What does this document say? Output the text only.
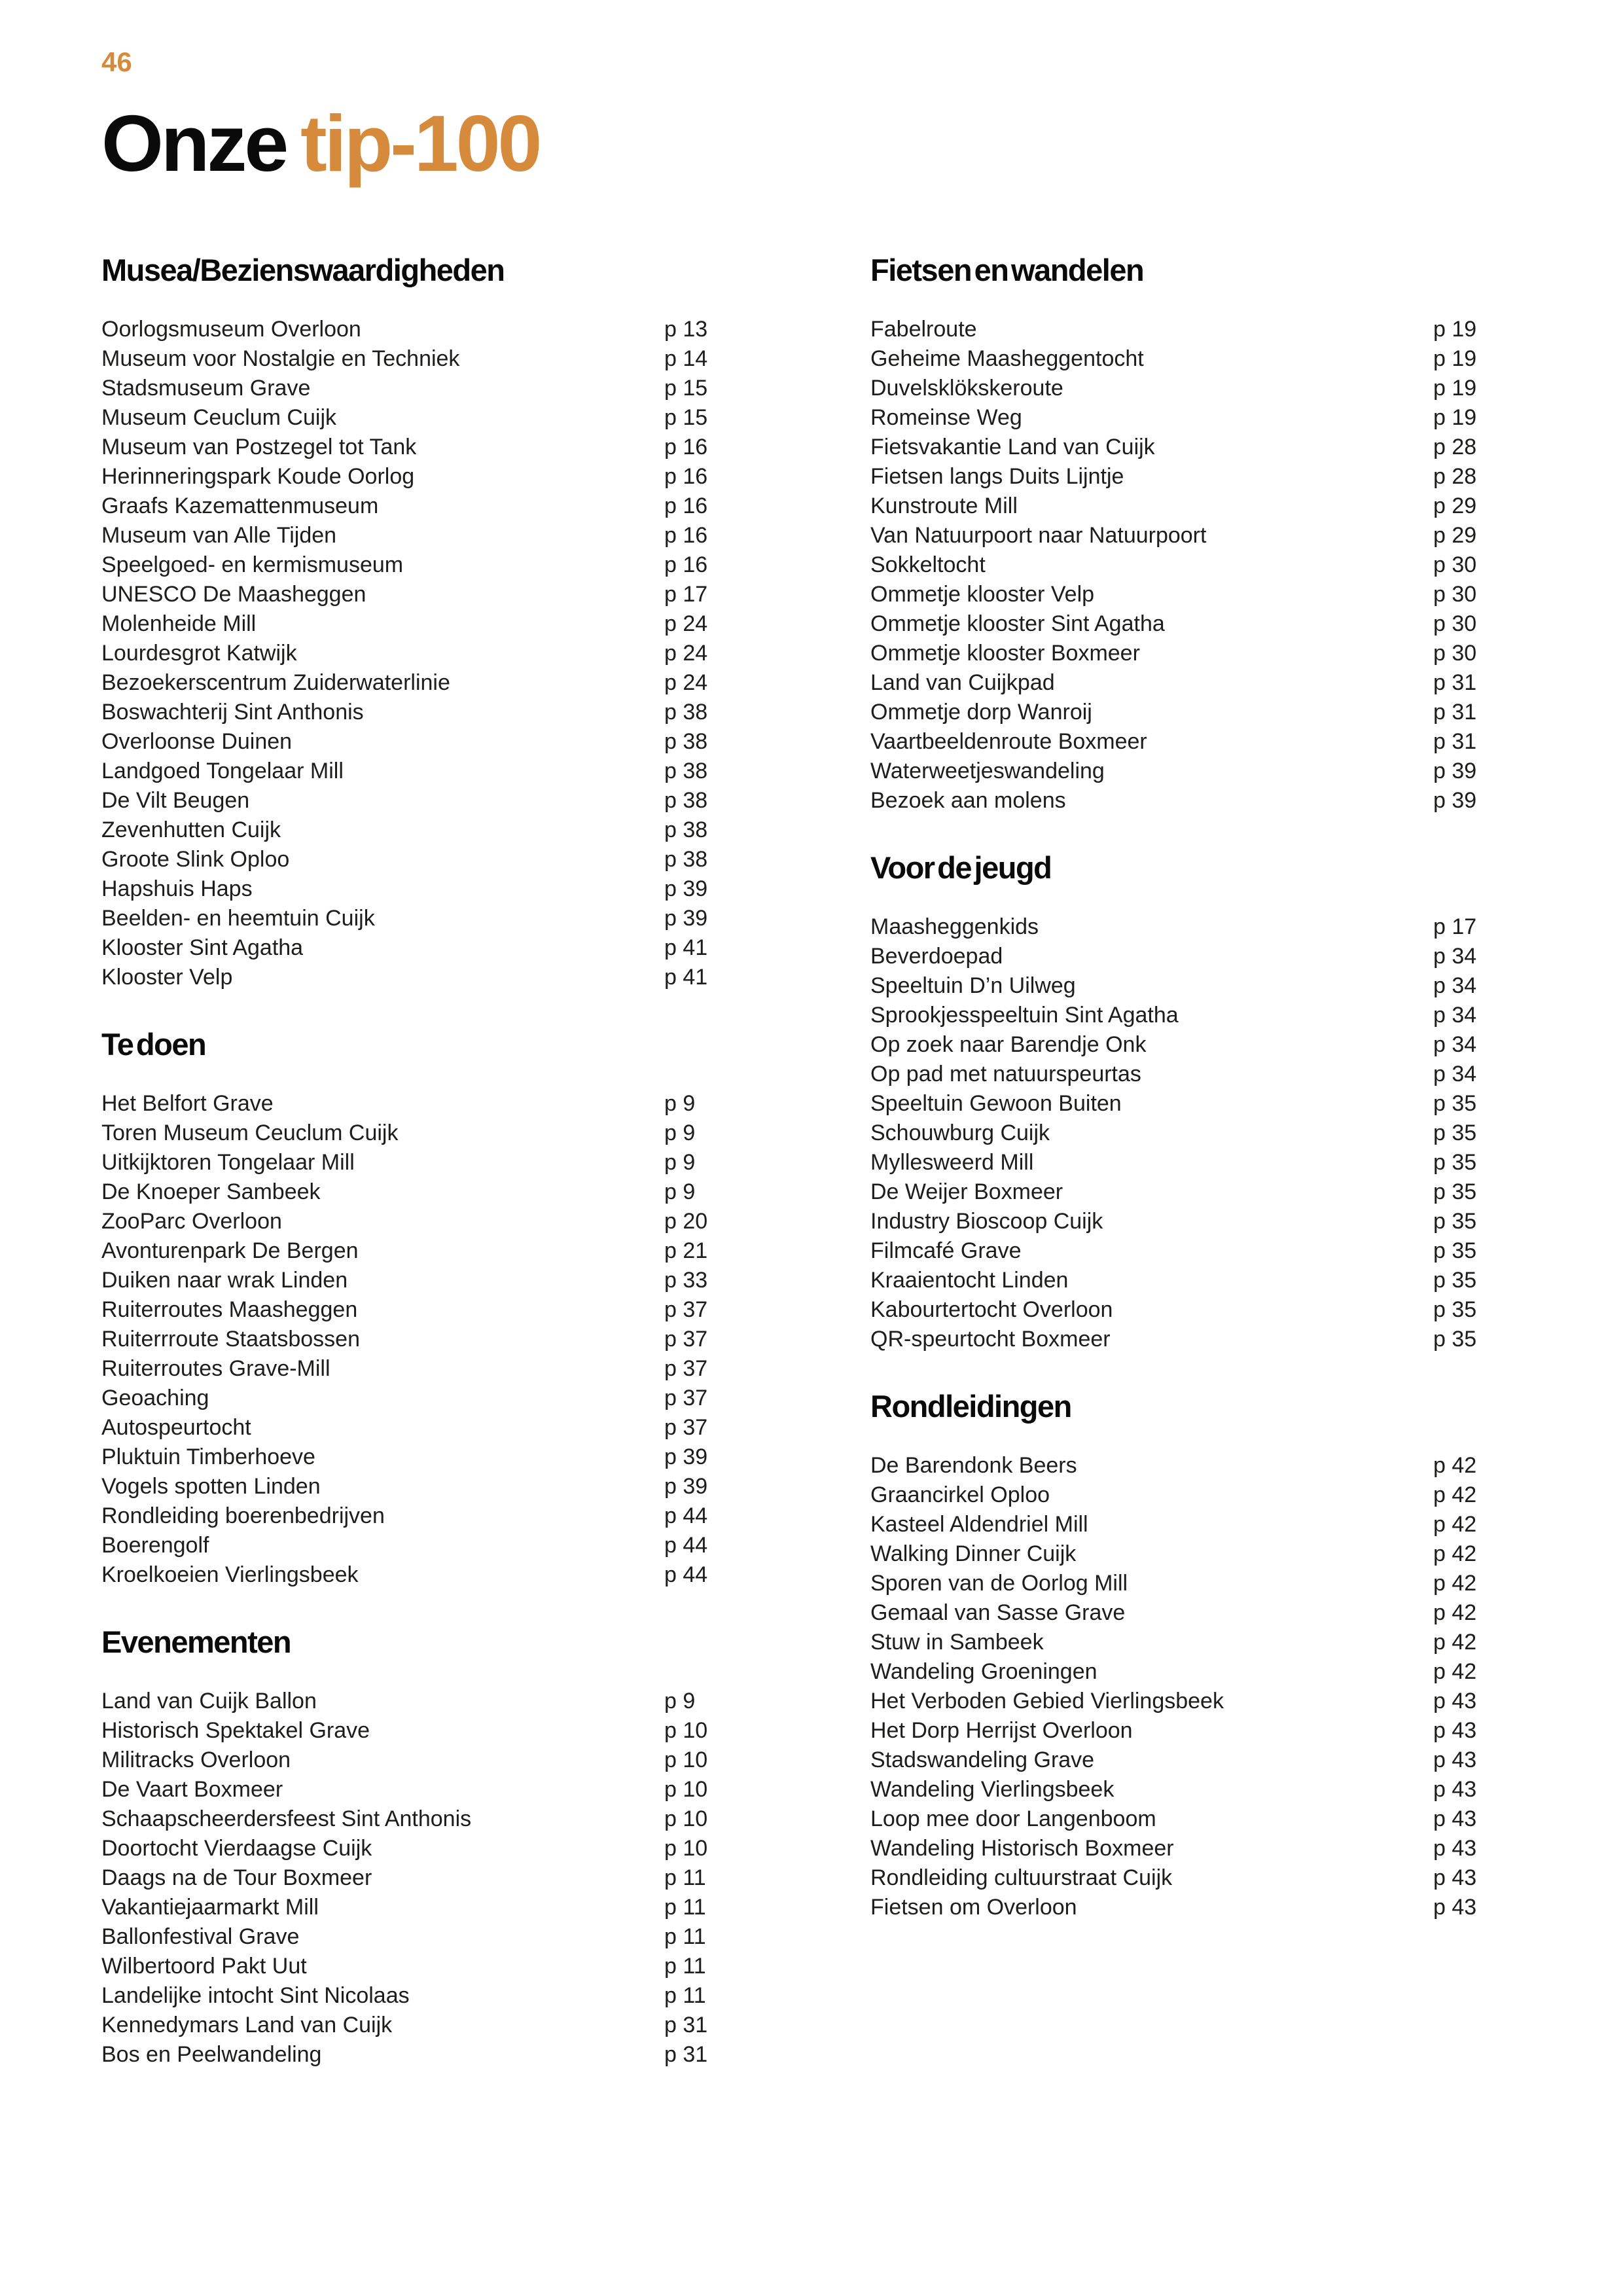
46
Onze tip-100
Musea/Bezienswaardigheden
Oorlogsmuseum Overloon	p 13
Museum voor Nostalgie en Techniek	p 14
Stadsmuseum Grave	p 15
Museum Ceuclum Cuijk	p 15
Museum van Postzegel tot Tank	p 16
Herinneringspark Koude Oorlog	p 16
Graafs Kazemattenmuseum	p 16
Museum van Alle Tijden	p 16
Speelgoed- en kermismuseum	p 16
UNESCO De Maasheggen	p 17
Molenheide Mill	p 24
Lourdesgrot Katwijk	p 24
Bezoekerscentrum Zuiderwaterlinie	p 24
Boswachterij Sint Anthonis	p 38
Overloonse Duinen	p 38
Landgoed Tongelaar Mill	p 38
De Vilt Beugen	p 38
Zevenhutten Cuijk	p 38
Groote Slink Oploo	p 38
Hapshuis Haps	p 39
Beelden- en heemtuin Cuijk	p 39
Klooster Sint Agatha	p 41
Klooster Velp	p 41
Te doen
Het Belfort Grave	p 9
Toren Museum Ceuclum Cuijk	p 9
Uitkijktoren Tongelaar Mill	p 9
De Knoeper Sambeek	p 9
ZooParc Overloon	p 20
Avonturenpark De Bergen	p 21
Duiken naar wrak Linden	p 33
Ruiterroutes Maasheggen	p 37
Ruiterrroute Staatsbossen	p 37
Ruiterroutes Grave-Mill	p 37
Geoaching	p 37
Autospeurtocht	p 37
Pluktuin Timberhoeve	p 39
Vogels spotten Linden	p 39
Rondleiding boerenbedrijven	p 44
Boerengolf	p 44
Kroelkoeien Vierlingsbeek	p 44
Evenementen
Land van Cuijk Ballon	p 9
Historisch Spektakel Grave	p 10
Militracks Overloon	p 10
De Vaart Boxmeer	p 10
Schaapscheerdersfeest Sint Anthonis	p 10
Doortocht Vierdaagse Cuijk	p 10
Daags na de Tour Boxmeer	p 11
Vakantiejaarmarkt Mill	p 11
Ballonfestival Grave	p 11
Wilbertoord Pakt Uut	p 11
Landelijke intocht Sint Nicolaas	p 11
Kennedymars Land van Cuijk	p 31
Bos en Peelwandeling	p 31
Fietsen en wandelen
Fabelroute	p 19
Geheime Maasheggentocht	p 19
Duvelsklökskeroute	p 19
Romeinse Weg	p 19
Fietsvakantie Land van Cuijk	p 28
Fietsen langs Duits Lijntje	p 28
Kunstroute Mill	p 29
Van Natuurpoort naar Natuurpoort	p 29
Sokkeltocht	p 30
Ommetje klooster Velp	p 30
Ommetje klooster Sint Agatha	p 30
Ommetje klooster Boxmeer	p 30
Land van Cuijkpad	p 31
Ommetje dorp Wanroij	p 31
Vaartbeeldenroute Boxmeer	p 31
Waterweetjeswandeling	p 39
Bezoek aan molens	p 39
Voor de jeugd
Maasheggenkids	p 17
Beverdoepad	p 34
Speeltuin D’n Uilweg	p 34
Sprookjesspeeltuin Sint Agatha	p 34
Op zoek naar Barendje Onk	p 34
Op pad met natuurspeurtas	p 34
Speeltuin Gewoon Buiten	p 35
Schouwburg Cuijk	p 35
Myllesweerd Mill	p 35
De Weijer Boxmeer	p 35
Industry Bioscoop Cuijk	p 35
Filmcafé Grave	p 35
Kraaientocht Linden	p 35
Kabourtertocht Overloon	p 35
QR-speurtocht Boxmeer	p 35
Rondleidingen
De Barendonk Beers	p 42
Graancirkel Oploo	p 42
Kasteel Aldendriel Mill	p 42
Walking Dinner Cuijk	p 42
Sporen van de Oorlog Mill	p 42
Gemaal van Sasse Grave	p 42
Stuw in Sambeek	p 42
Wandeling Groeningen	p 42
Het Verboden Gebied Vierlingsbeek	p 43
Het Dorp Herrijst Overloon	p 43
Stadswandeling Grave	p 43
Wandeling Vierlingsbeek	p 43
Loop mee door Langenboom	p 43
Wandeling Historisch Boxmeer	p 43
Rondleiding cultuurstraat Cuijk	p 43
Fietsen om Overloon	p 43
